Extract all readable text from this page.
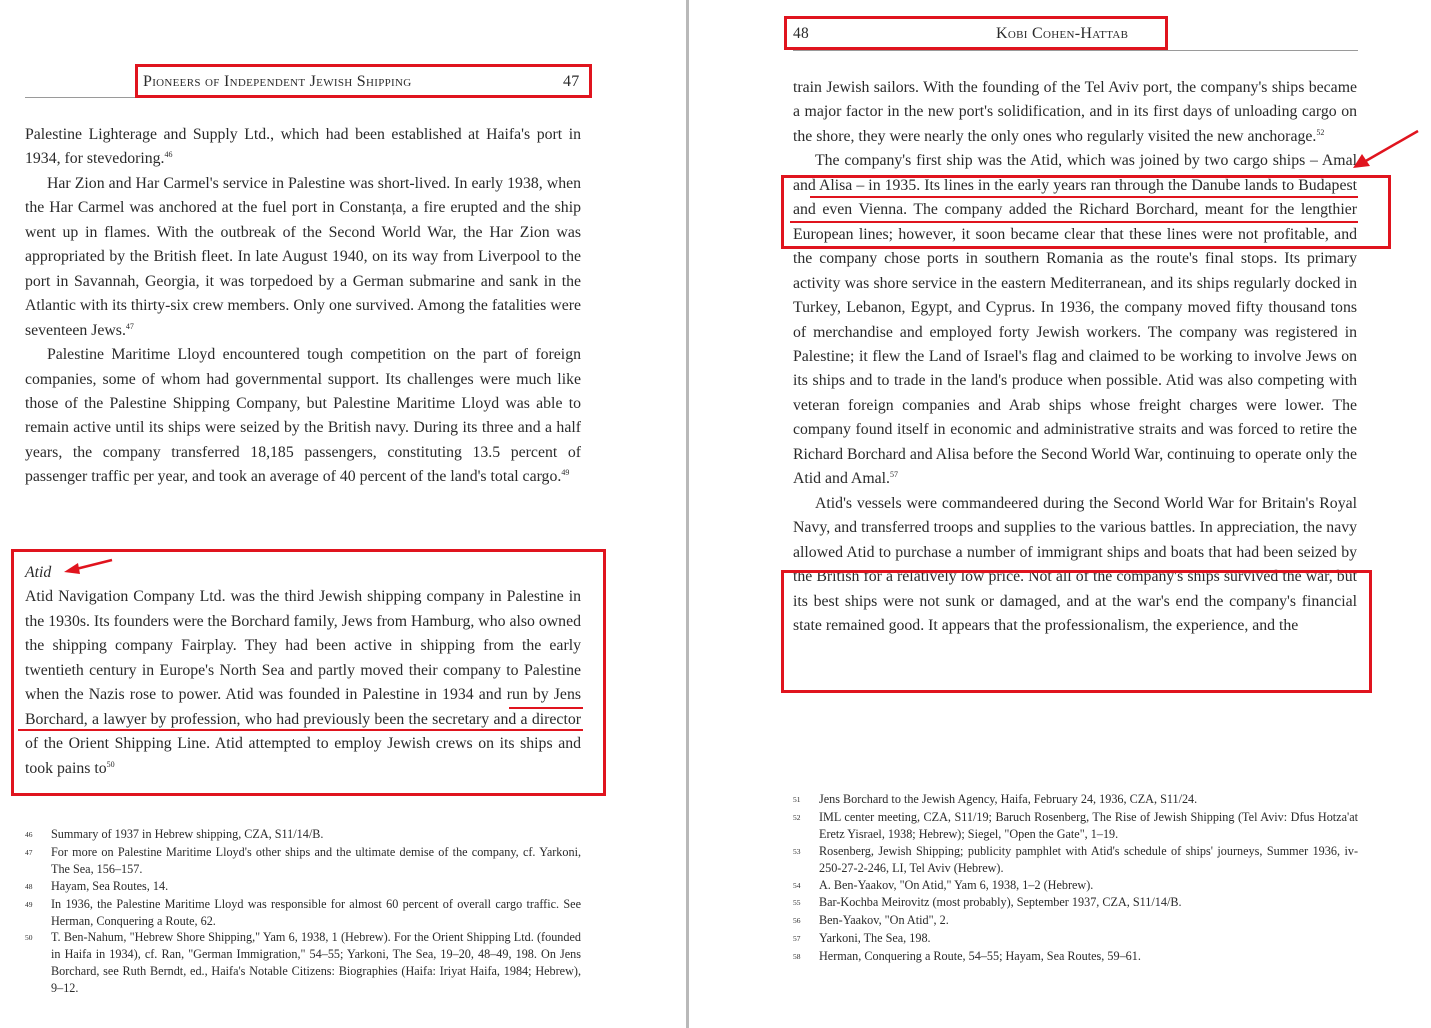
Pioneers of Independent Jewish Shipping	47

Palestine Lighterage and Supply Ltd., which had been established at Haifa's port in 1934, for stevedoring.$^{46}$

Har Zion and Har Carmel's service in Palestine was short-lived. In early 1938, when the Har Carmel was anchored at the fuel port in Constanța, a fire erupted and the ship went up in flames. With the outbreak of the Second World War, the Har Zion was appropriated by the British fleet. In late August 1940, on its way from Liverpool to the port in Savannah, Georgia, it was torpedoed by a German submarine and sank in the Atlantic with its thirty-six crew members. Only one survived. Among the fatalities were seventeen Jews.$^{47}$

Palestine Maritime Lloyd encountered tough competition on the part of foreign companies, some of whom had governmental support. Its challenges were much like those of the Palestine Shipping Company, but Palestine Maritime Lloyd was able to remain active until its ships were seized by the British navy. During its three and a half years, the company transferred 18,185 passengers, constituting 13.5 percent of passenger traffic per year, and took an average of 40 percent of the land's total cargo.$^{49}$

Atid

Atid Navigation Company Ltd. was the third Jewish shipping company in Palestine in the 1930s. Its founders were the Borchard family, Jews from Hamburg, who also owned the shipping company Fairplay. They had been active in shipping from the early twentieth century in Europe's North Sea and partly moved their company to Palestine when the Nazis rose to power. Atid was founded in Palestine in 1934 and run by Jens Borchard, a lawyer by profession, who had previously been the secretary and a director of the Orient Shipping Line. Atid attempted to employ Jewish crews on its ships and took pains $to^{50}$

46	Summary of 1937 in Hebrew shipping, CZA, S11/14/B.
47	For more on Palestine Maritime Lloyd's other ships and the ultimate demise of the company, cf. Yarkoni, The Sea, 156–157.
48	Hayam, Sea Routes, 14.
49	In 1936, the Palestine Maritime Lloyd was responsible for almost 60 percent of overall cargo traffic. See Herman, Conquering a Route, 62.
50	T. Ben-Nahum, "Hebrew Shore Shipping," Yam 6, 1938, 1 (Hebrew). For the Orient Shipping Ltd. (founded in Haifa in 1934), cf. Ran, "German Immigration," 54–55; Yarkoni, The Sea, 19–20, 48–49, 198. On Jens Borchard, see Ruth Berndt, ed., Haifa's Notable Citizens: Biographies (Haifa: Iriyat Haifa, 1984; Hebrew), 9–12.
48	Kobi Cohen-Hattab

train Jewish sailors. With the founding of the Tel Aviv port, the company's ships became a major factor in the new port's solidification, and in its first days of unloading cargo on the shore, they were nearly the only ones who regularly visited the new anchorage.$^{52}$

The company's first ship was the Atid, which was joined by two cargo ships – Amal and Alisa – in 1935. Its lines in the early years ran through the Danube lands to Budapest and even Vienna. The company added the Richard Borchard, meant for the lengthier European lines; however, it soon became clear that these lines were not profitable, and the company chose ports in southern Romania as the route's final stops. Its primary activity was shore service in the eastern Mediterranean, and its ships regularly docked in Turkey, Lebanon, Egypt, and Cyprus. In 1936, the company moved fifty thousand tons of merchandise and employed forty Jewish workers. The company was registered in Palestine; it flew the Land of Israel's flag and claimed to be working to involve Jews on its ships and to trade in the land's produce when possible. Atid was also competing with veteran foreign companies and Arab ships whose freight charges were lower. The company found itself in economic and administrative straits and was forced to retire the Richard Borchard and Alisa before the Second World War, continuing to operate only the Atid and Amal.$^{57}$

Atid's vessels were commandeered during the Second World War for Britain's Royal Navy, and transferred troops and supplies to the various battles. In appreciation, the navy allowed Atid to purchase a number of immigrant ships and boats that had been seized by the British for a relatively low price. Not all of the company's ships survived the war, but its best ships were not sunk or damaged, and at the war's end the company's financial state remained good. It appears that the professionalism, the experience, and the

51	Jens Borchard to the Jewish Agency, Haifa, February 24, 1936, CZA, S11/24.
52	IML center meeting, CZA, S11/19; Baruch Rosenberg, The Rise of Jewish Shipping (Tel Aviv: Dfus Hotza'at Eretz Yisrael, 1938; Hebrew); Siegel, "Open the Gate", 1–19.
53	Rosenberg, Jewish Shipping; publicity pamphlet with Atid's schedule of ships' journeys, Summer 1936, iv-250-27-2-246, LI, Tel Aviv (Hebrew).
54	A. Ben-Yaakov, "On Atid," Yam 6, 1938, 1–2 (Hebrew).
55	Bar-Kochba Meirovitz (most probably), September 1937, CZA, S11/14/B.
56	Ben-Yaakov, "On Atid", 2.
57	Yarkoni, The Sea, 198.
58	Herman, Conquering a Route, 54–55; Hayam, Sea Routes, 59–61.
